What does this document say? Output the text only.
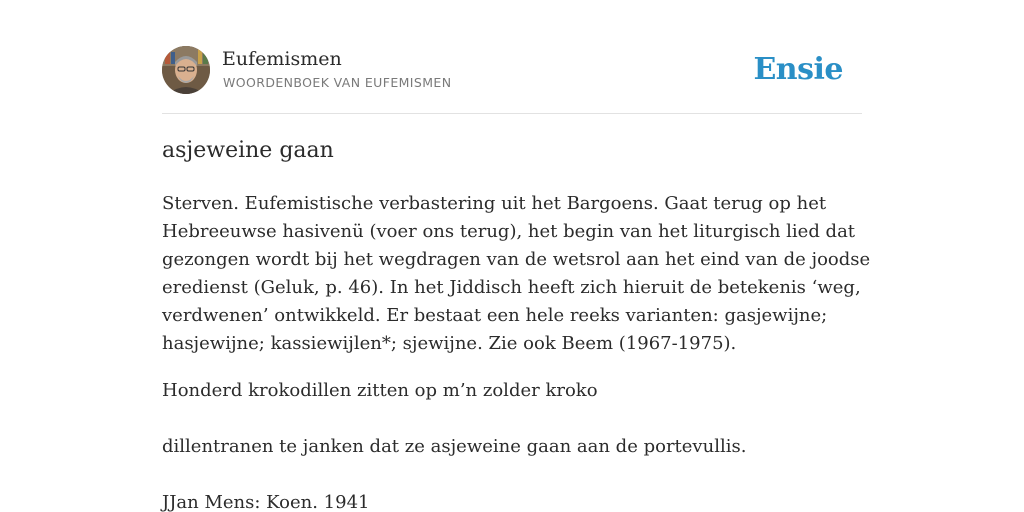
Eufemismen
WOORDENBOEK VAN EUFEMISMEN	Ensie
asjeweine gaan
Sterven. Eufemistische verbastering uit het Bargoens. Gaat terug op het
Hebreeuwse hasivenü (voer ons terug), het begin van het liturgisch lied dat
gezongen wordt bij het wegdragen van de wetsrol aan het eind van de joodse
eredienst (Geluk, p. 46). In het Jiddisch heeft zich hieruit de betekenis ‘weg,
verdwenen’ ontwikkeld. Er bestaat een hele reeks varianten: gasjewijne;
hasjewijne; kassiewijlen*; sjewijne. Zie ook Beem (1967-1975).
Honderd krokodillen zitten op m’n zolder kroko
dillentranen te janken dat ze asjeweine gaan aan de portevullis.
JJan Mens: Koen. 1941
